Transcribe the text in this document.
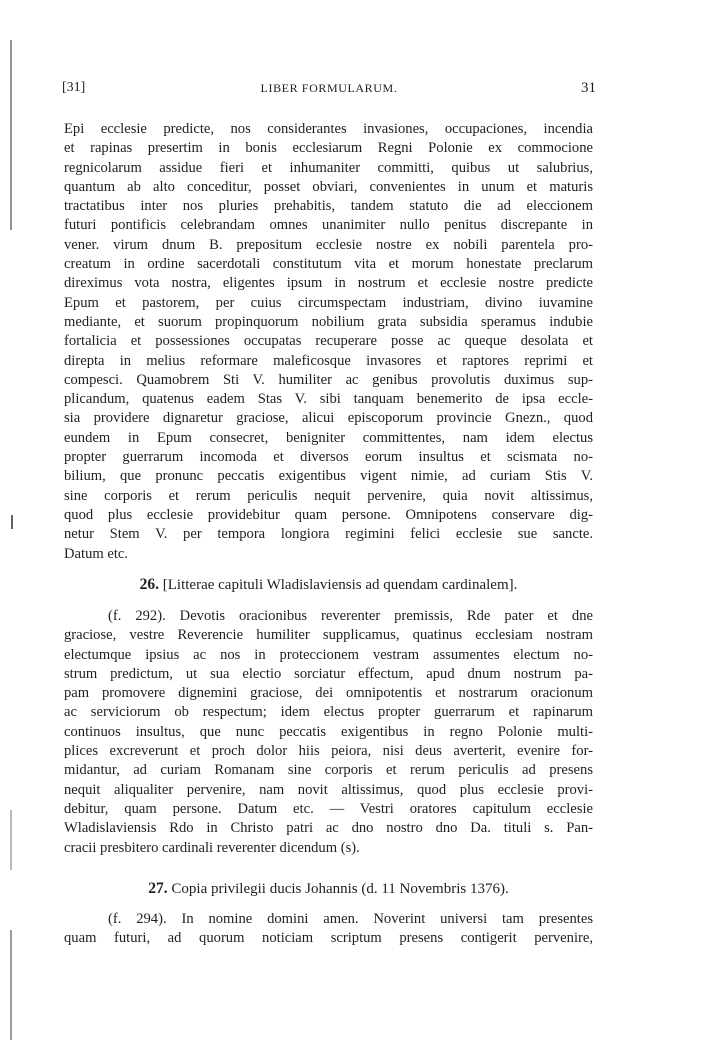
[31]	LIBER FORMULARUM.	31
Epi ecclesie predicte, nos considerantes invasiones, occupaciones, incendia
et rapinas presertim in bonis ecclesiarum Regni Polonie ex commocione
regnicolarum assidue fieri et inhumaniter committi, quibus ut salubrius,
quantum ab alto conceditur, posset obviari, convenientes in unum et maturis
tractatibus inter nos pluries prehabitis, tandem statuto die ad eleccionem
futuri pontificis celebrandam omnes unanimiter nullo penitus discrepante in
vener. virum dnum B. prepositum ecclesie nostre ex nobili parentela pro-
creatum in ordine sacerdotali constitutum vita et morum honestate preclarum
direximus vota nostra, eligentes ipsum in nostrum et ecclesie nostre predicte
Epum et pastorem, per cuius circumspectam industriam, divino iuvamine
mediante, et suorum propinquorum nobilium grata subsidia speramus indubie
fortalicia et possessiones occupatas recuperare posse ac queque desolata et
direpta in melius reformare maleficosque invasores et raptores reprimi et
compesci. Quamobrem Sti V. humiliter ac genibus provolutis duximus sup-
plicandum, quatenus eadem Stas V. sibi tanquam benemerito de ipsa eccle-
sia providere dignaretur graciose, alicui episcoporum provincie Gnezn., quod
eundem in Epum consecret, benigniter committentes, nam idem electus
propter guerrarum incomoda et diversos eorum insultus et scismata no-
bilium, que pronunc peccatis exigentibus vigent nimie, ad curiam Stis V.
sine corporis et rerum periculis nequit pervenire, quia novit altissimus,
quod plus ecclesie providebitur quam persone. Omnipotens conservare dig-
netur Stem V. per tempora longiora regimini felici ecclesie sue sancte.
Datum etc.
26. [Litterae capituli Wladislaviensis ad quendam cardinalem].
(f. 292). Devotis oracionibus reverenter premissis, Rde pater et dne
graciose, vestre Reverencie humiliter supplicamus, quatinus ecclesiam nostram
electumque ipsius ac nos in proteccionem vestram assumentes electum no-
strum predictum, ut sua electio sorciatur effectum, apud dnum nostrum pa-
pam promovere dignemini graciose, dei omnipotentis et nostrarum oracionum
ac serviciorum ob respectum; idem electus propter guerrarum et rapinarum
continuos insultus, que nunc peccatis exigentibus in regno Polonie multi-
plices excreverunt et proch dolor hiis peiora, nisi deus averterit, evenire for-
midantur, ad curiam Romanam sine corporis et rerum periculis ad presens
nequit aliqualiter pervenire, nam novit altissimus, quod plus ecclesie provi-
debitur, quam persone. Datum etc. — Vestri oratores capitulum ecclesie
Wladislaviensis Rdo in Christo patri ac dno nostro dno Da. tituli s. Pan-
cracii presbitero cardinali reverenter dicendum (s).
27. Copia privilegii ducis Johannis (d. 11 Novembris 1376).
(f. 294). In nomine domini amen. Noverint universi tam presentes
quam futuri, ad quorum noticiam scriptum presens contigerit pervenire,
